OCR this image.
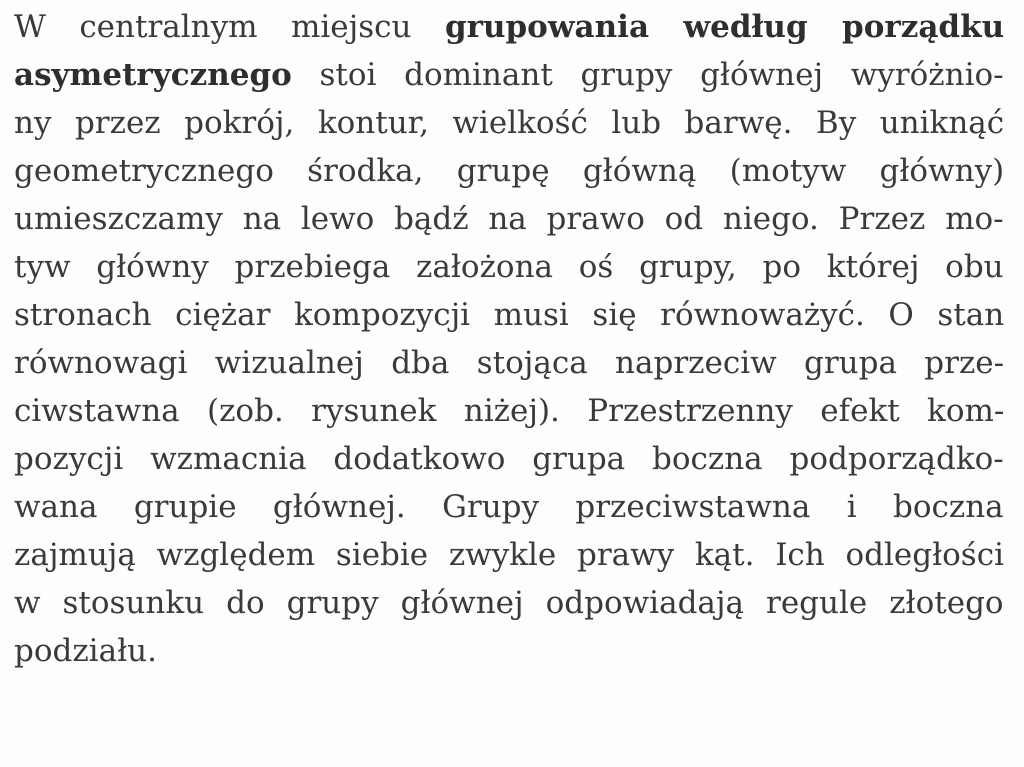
W centralnym miejscu grupowania według porządku
asymetrycznego stoi dominant grupy głównej wyróżnio-
ny przez pokrój, kontur, wielkość lub barwę. By uniknąć
geometrycznego środka, grupę główną (motyw główny)
umieszczamy na lewo bądź na prawo od niego. Przez mo-
tyw główny przebiega założona oś grupy, po której obu
stronach ciężar kompozycji musi się równoważyć. O stan
równowagi wizualnej dba stojąca naprzeciw grupa prze-
ciwstawna (zob. rysunek niżej). Przestrzenny efekt kom-
pozycji wzmacnia dodatkowo grupa boczna podporządko-
wana grupie głównej. Grupy przeciwstawna i boczna
zajmują względem siebie zwykle prawy kąt. Ich odległości
w stosunku do grupy głównej odpowiadają regule złotego
podziału.
